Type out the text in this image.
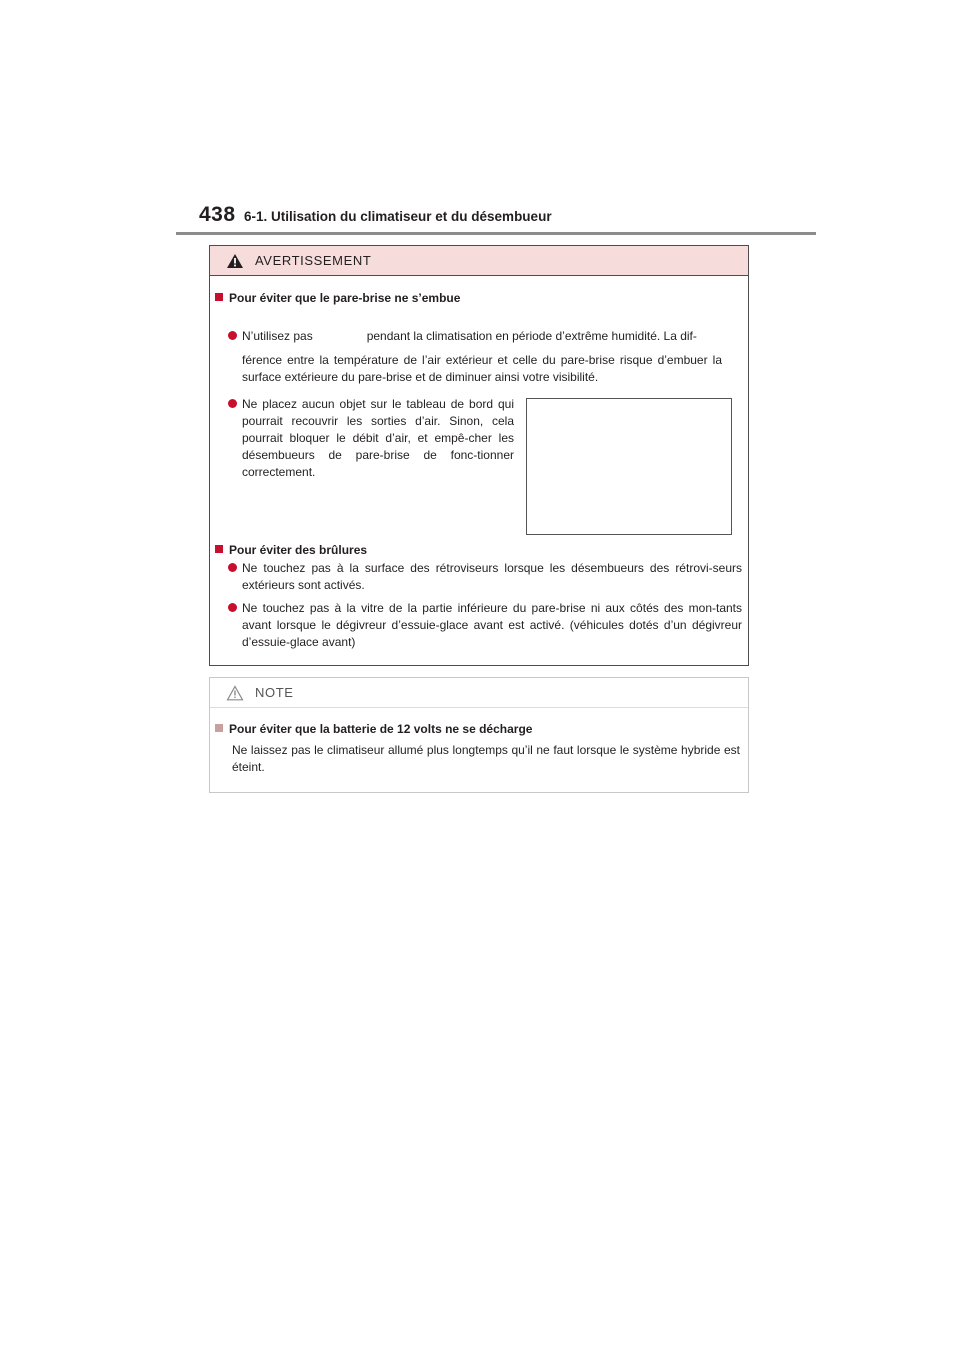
438 6-1. Utilisation du climatiseur et du désembueur
AVERTISSEMENT
Pour éviter que le pare-brise ne s’embue

N’utilisez pas	pendant la climatisation en période d’extrême humidité. La dif-

férence entre la température de l’air extérieur et celle du pare-brise risque d’embuer la surface extérieure du pare-brise et de diminuer ainsi votre visibilité.

Ne placez aucun objet sur le tableau de bord qui pourrait recouvrir les sorties d’air. Sinon, cela pourrait bloquer le débit d’air, et empê-cher les désembueurs de pare-brise de fonc-tionner correctement.

Pour éviter des brûlures

Ne touchez pas à la surface des rétroviseurs lorsque les désembueurs des rétrovi-seurs extérieurs sont activés.

Ne touchez pas à la vitre de la partie inférieure du pare-brise ni aux côtés des mon-tants avant lorsque le dégivreur d’essuie-glace avant est activé. (véhicules dotés d’un dégivreur d’essuie-glace avant)

NOTE
Pour éviter que la batterie de 12 volts ne se décharge
Ne laissez pas le climatiseur allumé plus longtemps qu’il ne faut lorsque le système hybride est éteint.
